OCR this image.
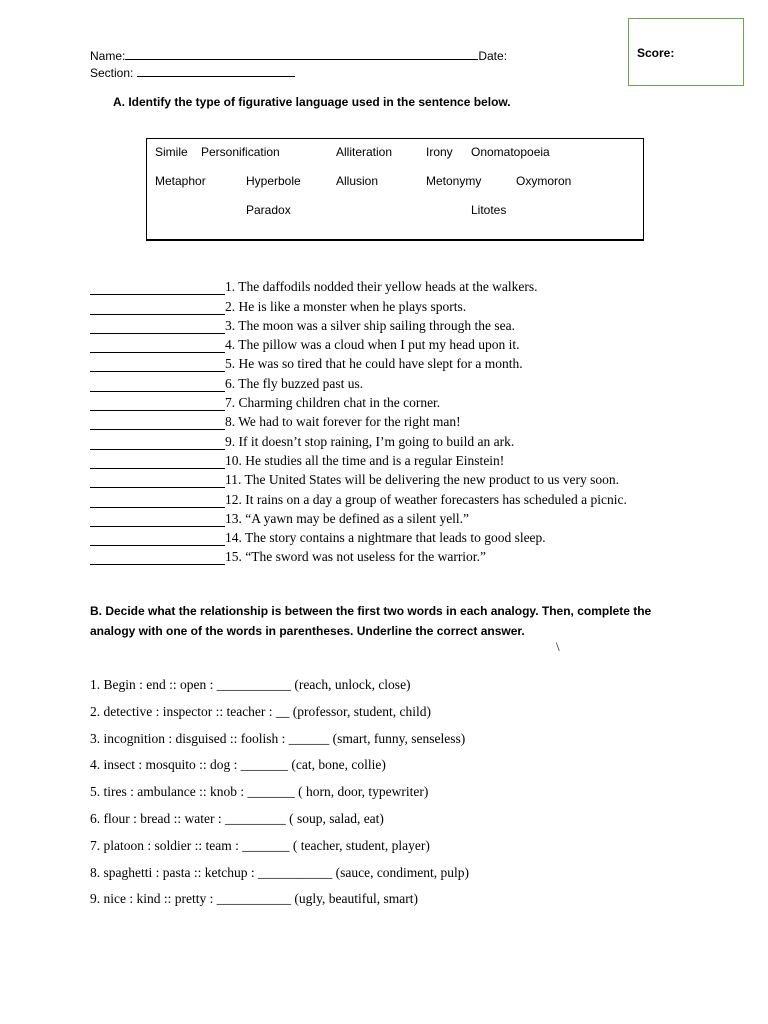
Score:
Name:	Date:
Section:
A. Identify the type of figurative language used in the sentence below.
Simile Personification	Alliteration	Irony Onomatopoeia
Metaphor	Hyperbole	Allusion	Metonymy	Oxymoron
Paradox	Litotes
1. The daffodils nodded their yellow heads at the walkers.
2. He is like a monster when he plays sports.
3. The moon was a silver ship sailing through the sea.
4. The pillow was a cloud when I put my head upon it.
5. He was so tired that he could have slept for a month.
6. The fly buzzed past us.
7. Charming children chat in the corner.
8. We had to wait forever for the right man!
9. If it doesn’t stop raining, I’m going to build an ark.
10. He studies all the time and is a regular Einstein!
11. The United States will be delivering the new product to us very soon.
12. It rains on a day a group of weather forecasters has scheduled a picnic.
13. “A yawn may be defined as a silent yell.”
14. The story contains a nightmare that leads to good sleep.
15. “The sword was not useless for the warrior.”
B. Decide what the relationship is between the first two words in each analogy. Then, complete the analogy with one of the words in parentheses. Underline the correct answer.
\
1. Begin : end :: open : ___________ (reach, unlock, close)
2. detective : inspector :: teacher : __ (professor, student, child)
3. incognition : disguised :: foolish : ______ (smart, funny, senseless)
4. insect : mosquito :: dog : _______ (cat, bone, collie)
5. tires : ambulance :: knob : _______ ( horn, door, typewriter)
6. flour : bread :: water : _________ ( soup, salad, eat)
7. platoon : soldier :: team : _______ ( teacher, student, player)
8. spaghetti : pasta :: ketchup : ___________ (sauce, condiment, pulp)
9. nice : kind :: pretty : ___________ (ugly, beautiful, smart)
